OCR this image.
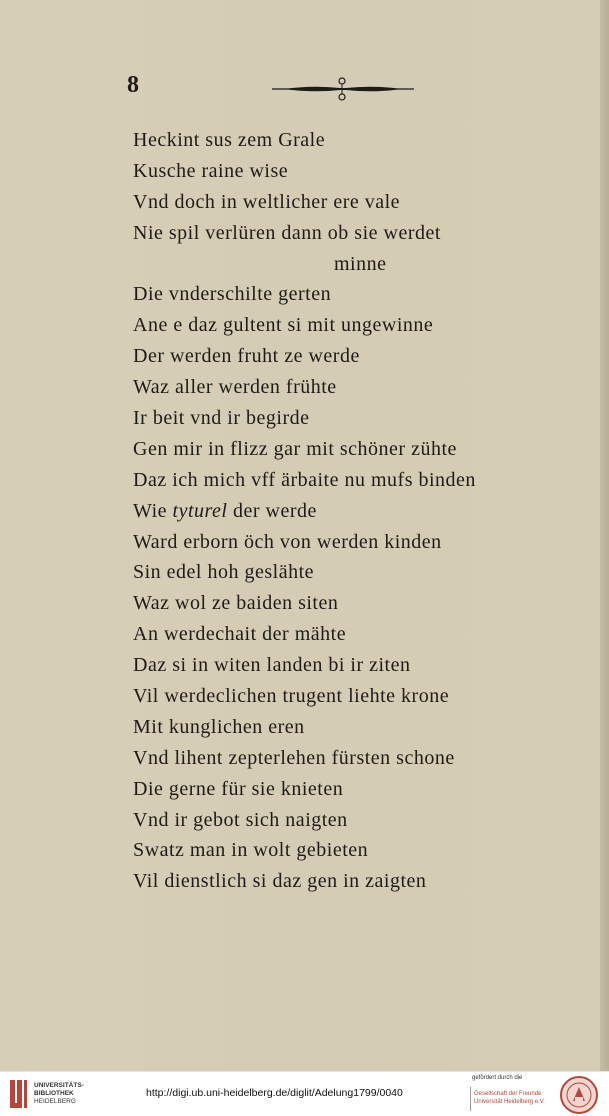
8
Heckint sus zem Grale
Kusche raine wise
Vnd doch in weltlicher ere vale
Nie spil verlüren dann ob sie werdet
minne
Die vnderschilte gerten
Ane e daz gultent si mit ungewinne
Der werden fruht ze werde
Waz aller werden frühte
Ir beit vnd ir begirde
Gen mir in flizz gar mit schöner zühte
Daz ich mich vff ärbaite nu mufs binden
Wie tyturel der werde
Ward erborn öch von werden kinden
Sin edel hoh geslähte
Waz wol ze baiden siten
An werdechait der mähte
Daz si in witen landen bi ir ziten
Vil werdeclichen trugent liehte krone
Mit kunglichen eren
Vnd lihent zepterlehen fürsten schone
Die gerne für sie knieten
Vnd ir gebot sich naigten
Swatz man in wolt gebieten
Vil dienstlich si daz gen in zaigten
UNIVERSITÄTS-
BIBLIOTHEK
HEIDELBERG
http://digi.ub.uni-heidelberg.de/diglit/Adelung1799/0040
gefördert durch die
Gesellschaft der Freunde
Universität Heidelberg e.V.
